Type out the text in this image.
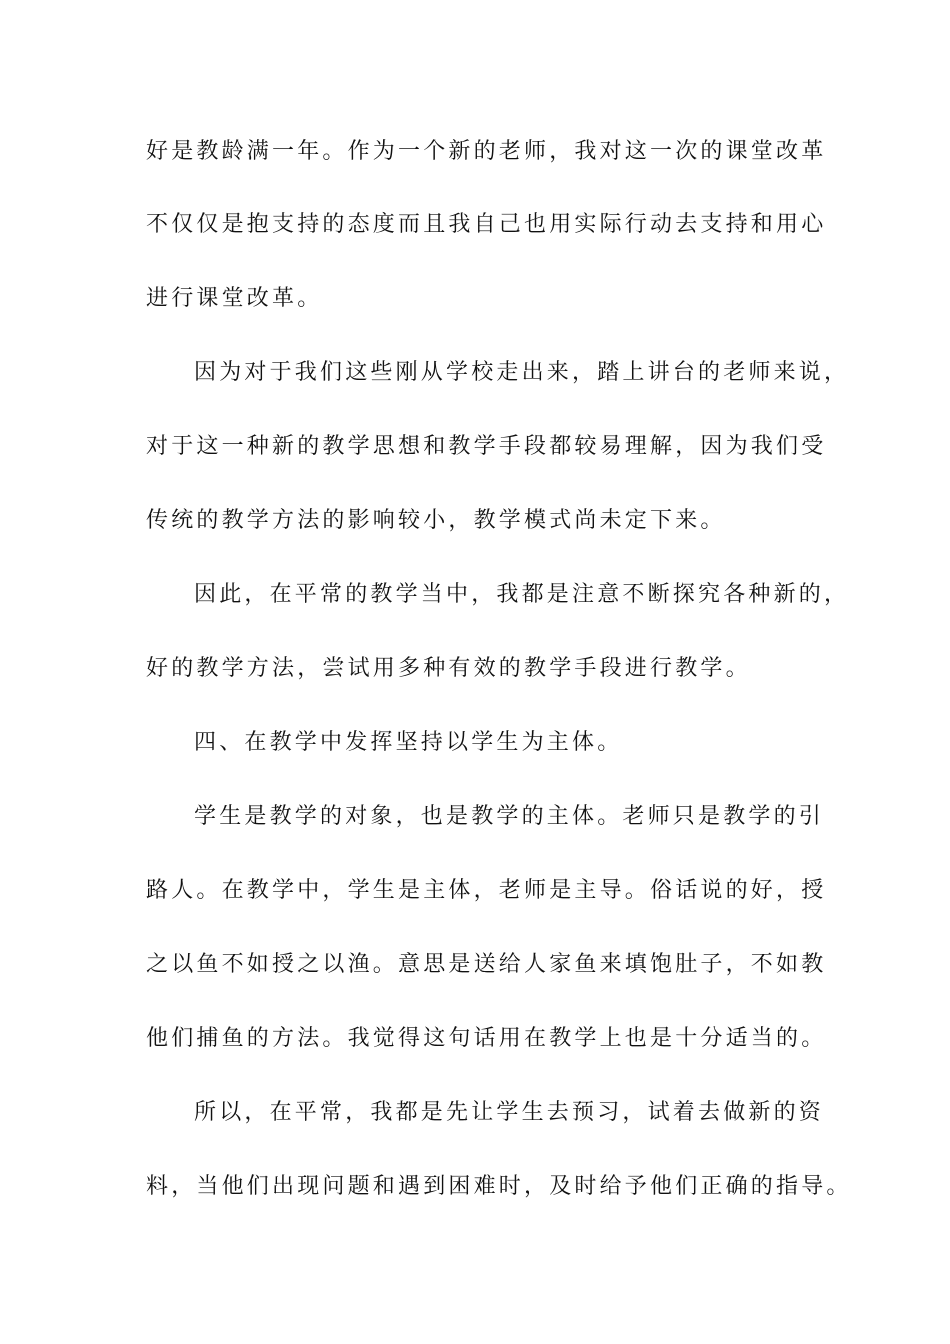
好是教龄满一年。作为一个新的老师，我对这一次的课堂改革
不仅仅是抱支持的态度而且我自己也用实际行动去支持和用心
进行课堂改革。
因为对于我们这些刚从学校走出来，踏上讲台的老师来说，
对于这一种新的教学思想和教学手段都较易理解，因为我们受
传统的教学方法的影响较小，教学模式尚未定下来。
因此，在平常的教学当中，我都是注意不断探究各种新的，
好的教学方法，尝试用多种有效的教学手段进行教学。
四、在教学中发挥坚持以学生为主体。
学生是教学的对象，也是教学的主体。老师只是教学的引
路人。在教学中，学生是主体，老师是主导。俗话说的好，授
之以鱼不如授之以渔。意思是送给人家鱼来填饱肚子，不如教
他们捕鱼的方法。我觉得这句话用在教学上也是十分适当的。
所以，在平常，我都是先让学生去预习，试着去做新的资
料，当他们出现问题和遇到困难时，及时给予他们正确的指导。
